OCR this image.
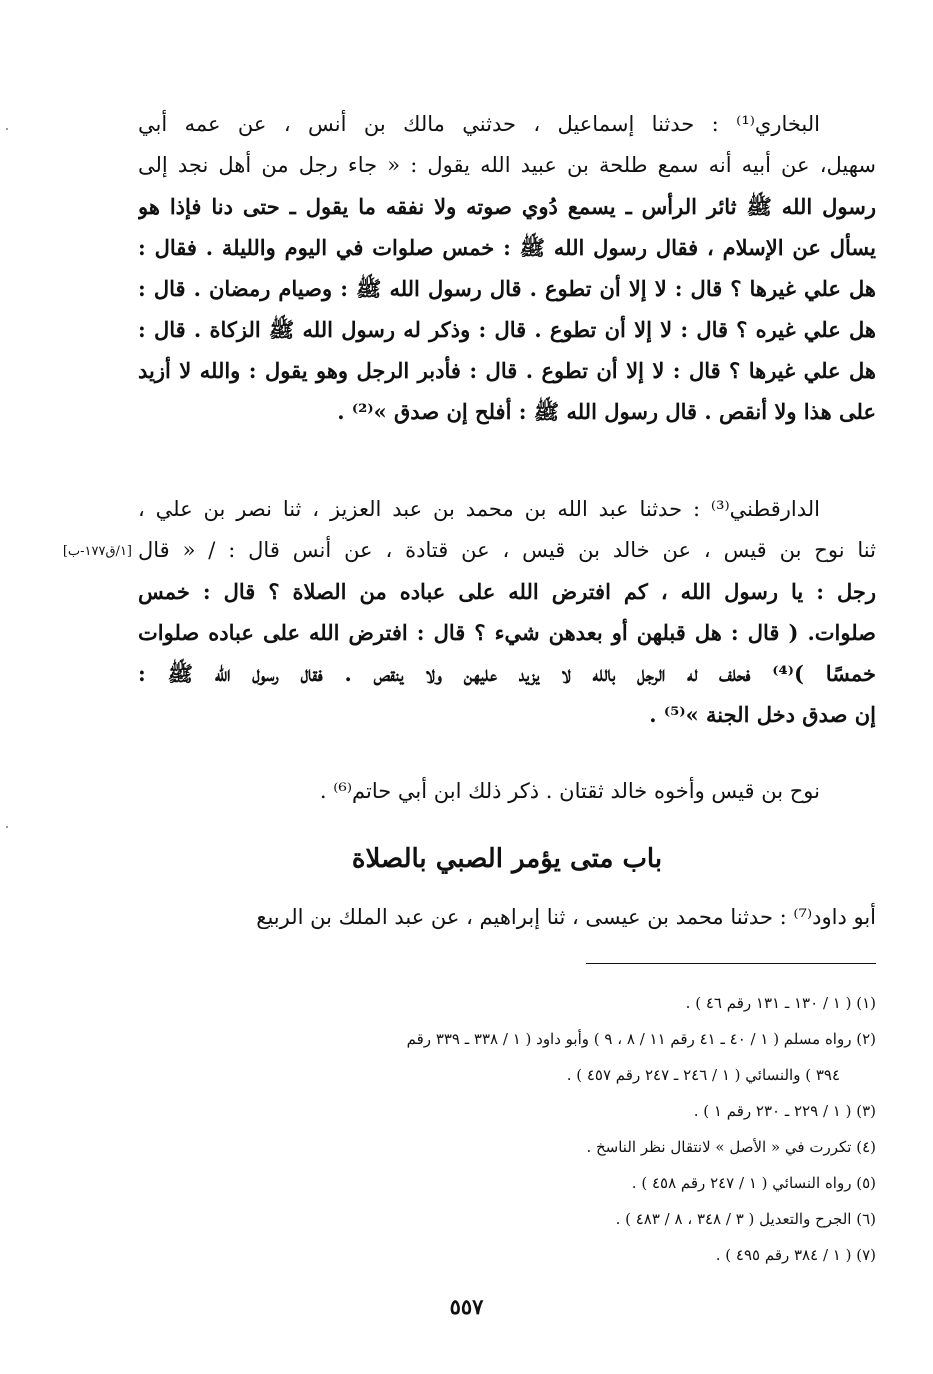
البخاري⁽¹⁾ : حدثنا إسماعيل ، حدثني مالك بن أنس ، عن عمه أبي
سهيل، عن أبيه أنه سمع طلحة بن عبيد الله يقول : « جاء رجل من أهل نجد إلى
رسول الله ﷺ ثائر الرأس ـ يسمع دُوي صوته ولا نفقه ما يقول ـ حتى دنا فإذا هو
يسأل عن الإسلام ، فقال رسول الله ﷺ : خمس صلوات في اليوم والليلة . فقال :
هل علي غيرها ؟ قال : لا إلا أن تطوع . قال رسول الله ﷺ : وصيام رمضان . قال :
هل علي غيره ؟ قال : لا إلا أن تطوع . قال : وذكر له رسول الله ﷺ الزكاة . قال :
هل علي غيرها ؟ قال : لا إلا أن تطوع . قال : فأدبر الرجل وهو يقول : والله لا أزيد
على هذا ولا أنقص . قال رسول الله ﷺ : أفلح إن صدق »⁽²⁾ .
الدارقطني⁽³⁾ : حدثنا عبد الله بن محمد بن عبد العزيز ، ثنا نصر بن علي ،
ثنا نوح بن قيس ، عن خالد بن قيس ، عن قتادة ، عن أنس قال : / « قال
رجل : يا رسول الله ، كم افترض الله على عباده من الصلاة ؟ قال : خمس
صلوات. ( قال : هل قبلهن أو بعدهن شيء ؟ قال : افترض الله على عباده صلوات
خمسًا )⁽⁴⁾ فحلف له الرجل بالله لا يزيد عليهن ولا ينقص . فقال رسول الله ﷺ :
إن صدق دخل الجنة »⁽⁵⁾ .
[١/ق١٧٧-ب]
نوح بن قيس وأخوه خالد ثقتان . ذكر ذلك ابن أبي حاتم⁽⁶⁾ .
باب متى يؤمر الصبي بالصلاة
أبو داود⁽⁷⁾ : حدثنا محمد بن عيسى ، ثنا إبراهيم ، عن عبد الملك بن الربيع
(١) ( ١ / ١٣٠ ـ ١٣١ رقم ٤٦ ) .
(٢) رواه مسلم ( ١ / ٤٠ ـ ٤١ رقم ١١ / ٨ ، ٩ ) وأبو داود ( ١ / ٣٣٨ ـ ٣٣٩ رقم
٣٩٤ ) والنسائي ( ١ / ٢٤٦ ـ ٢٤٧ رقم ٤٥٧ ) .
(٣) ( ١ / ٢٢٩ ـ ٢٣٠ رقم ١ ) .
(٤) تكررت في « الأصل » لانتقال نظر الناسخ .
(٥) رواه النسائي ( ١ / ٢٤٧ رقم ٤٥٨ ) .
(٦) الجرح والتعديل ( ٣ / ٣٤٨ ، ٨ / ٤٨٣ ) .
(٧) ( ١ / ٣٨٤ رقم ٤٩٥ ) .
٥٥٧
